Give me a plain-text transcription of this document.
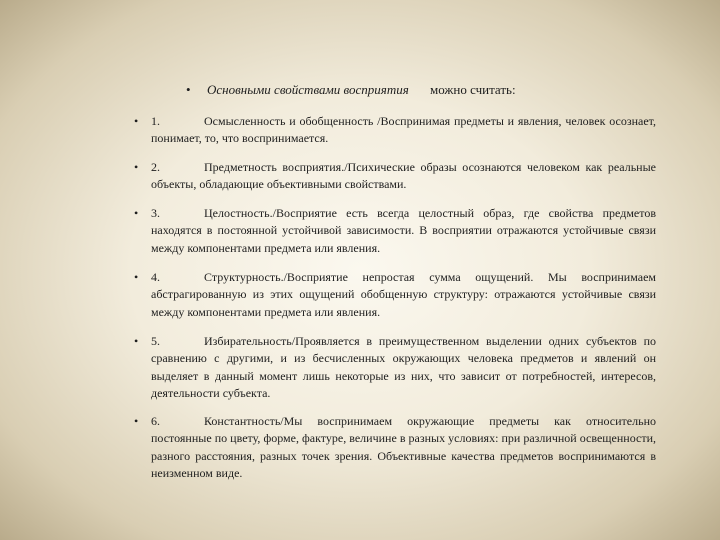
• Основными свойствами восприятия можно считать:
• 1.	Осмысленность и обобщенность /Воспринимая предметы и явления, человек осознает, понимает, то, что воспринимается.
• 2.	Предметность восприятия./Психические образы осознаются человеком как реальные объекты, обладающие объективными свойствами.
• 3.	Целостность./Восприятие есть всегда целостный образ, где свойства предметов находятся в постоянной устойчивой зависимости. В восприятии отражаются устойчивые связи между компонентами предмета или явления.
• 4.	Структурность./Восприятие непростая сумма ощущений. Мы воспринимаем абстрагированную из этих ощущений обобщенную структуру: отражаются устойчивые связи между компонентами предмета или явления.
• 5.	Избирательность/Проявляется в преимущественном выделении одних субъектов по сравнению с другими, и из бесчисленных окружающих человека предметов и явлений он выделяет в данный момент лишь некоторые из них, что зависит от потребностей, интересов, деятельности субъекта.
• 6.	Константность/Мы воспринимаем окружающие предметы как относительно постоянные по цвету, форме, фактуре, величине в разных условиях: при различной освещенности, разного расстояния, разных точек зрения. Объективные качества предметов воспринимаются в неизменном виде.
